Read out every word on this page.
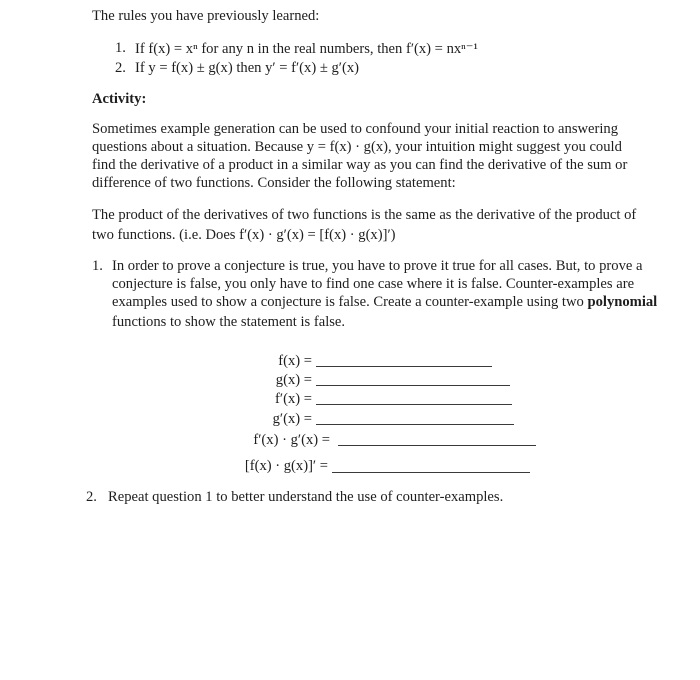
The rules you have previously learned:
1. If f(x) = xⁿ for any n in the real numbers, then f′(x) = nxⁿ⁻¹
2. If y = f(x) ± g(x) then y′ = f′(x) ± g′(x)
Activity:
Sometimes example generation can be used to confound your initial reaction to answering
questions about a situation. Because y = f(x) · g(x), your intuition might suggest you could
find the derivative of a product in a similar way as you can find the derivative of the sum or
difference of two functions. Consider the following statement:
The product of the derivatives of two functions is the same as the derivative of the product of
two functions. (i.e. Does f′(x) · g′(x) = [f(x) · g(x)]′)
1. In order to prove a conjecture is true, you have to prove it true for all cases. But, to prove a
conjecture is false, you only have to find one case where it is false. Counter-examples are
examples used to show a conjecture is false. Create a counter-example using two polynomial
functions to show the statement is false.
f(x) =
g(x) =
f′(x) =
g′(x) =
f′(x) · g′(x) =
[f(x) · g(x)]′ =
2. Repeat question 1 to better understand the use of counter-examples.
